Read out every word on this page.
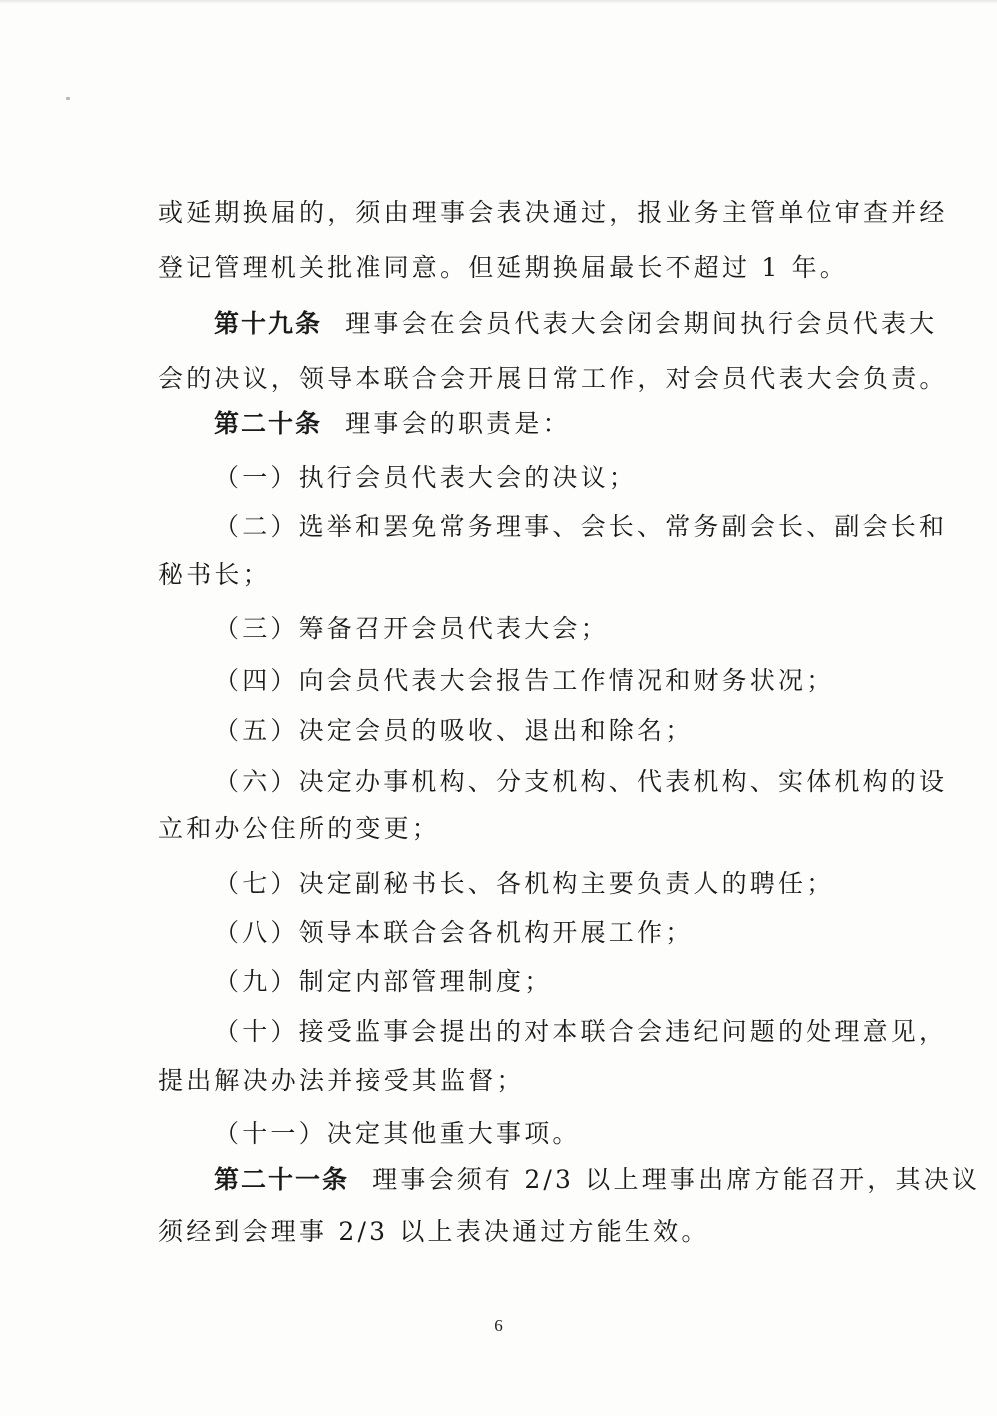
或延期换届的，须由理事会表决通过，报业务主管单位审查并经
登记管理机关批准同意。但延期换届最长不超过 1 年。
第十九条 理事会在会员代表大会闭会期间执行会员代表大
会的决议，领导本联合会开展日常工作，对会员代表大会负责。
第二十条 理事会的职责是：
（一）执行会员代表大会的决议；
（二）选举和罢免常务理事、会长、常务副会长、副会长和
秘书长；
（三）筹备召开会员代表大会；
（四）向会员代表大会报告工作情况和财务状况；
（五）决定会员的吸收、退出和除名；
（六）决定办事机构、分支机构、代表机构、实体机构的设
立和办公住所的变更；
（七）决定副秘书长、各机构主要负责人的聘任；
（八）领导本联合会各机构开展工作；
（九）制定内部管理制度；
（十）接受监事会提出的对本联合会违纪问题的处理意见，
提出解决办法并接受其监督；
（十一）决定其他重大事项。
第二十一条 理事会须有 2/3 以上理事出席方能召开，其决议
须经到会理事 2/3 以上表决通过方能生效。
6
